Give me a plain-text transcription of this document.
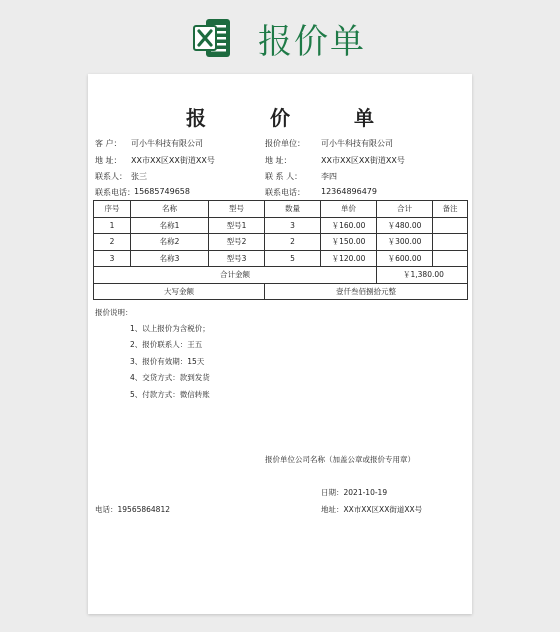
报价单
报	价	单
客 户： 可小牛科技有限公司
地 址： XX市XX区XX街道XX号
联系人： 张三
联系电话： 15685749658
报价单位： 可小牛科技有限公司
地 址：	XX市XX区XX街道XX号
联 系 人： 李四
联系电话： 12364896479
序号	名称	型号	数量	单价	合计	备注
1	名称1	型号1	3	￥160.00	￥480.00	
2	名称2	型号2	2	￥150.00	￥300.00	
3	名称3	型号3	5	￥120.00	￥600.00	
合计金额					￥1,380.00	
大写金额			壹仟叁佰捌拾元整			
报价说明：
1、以上报价为含税价；
2、报价联系人：王五
3、报价有效期：15天
4、交货方式：款到发货
5、付款方式：微信转账
报价单位公司名称（加盖公章或报价专用章）
日期：2021-10-19
电话：19565864812	地址：XX市XX区XX街道XX号
